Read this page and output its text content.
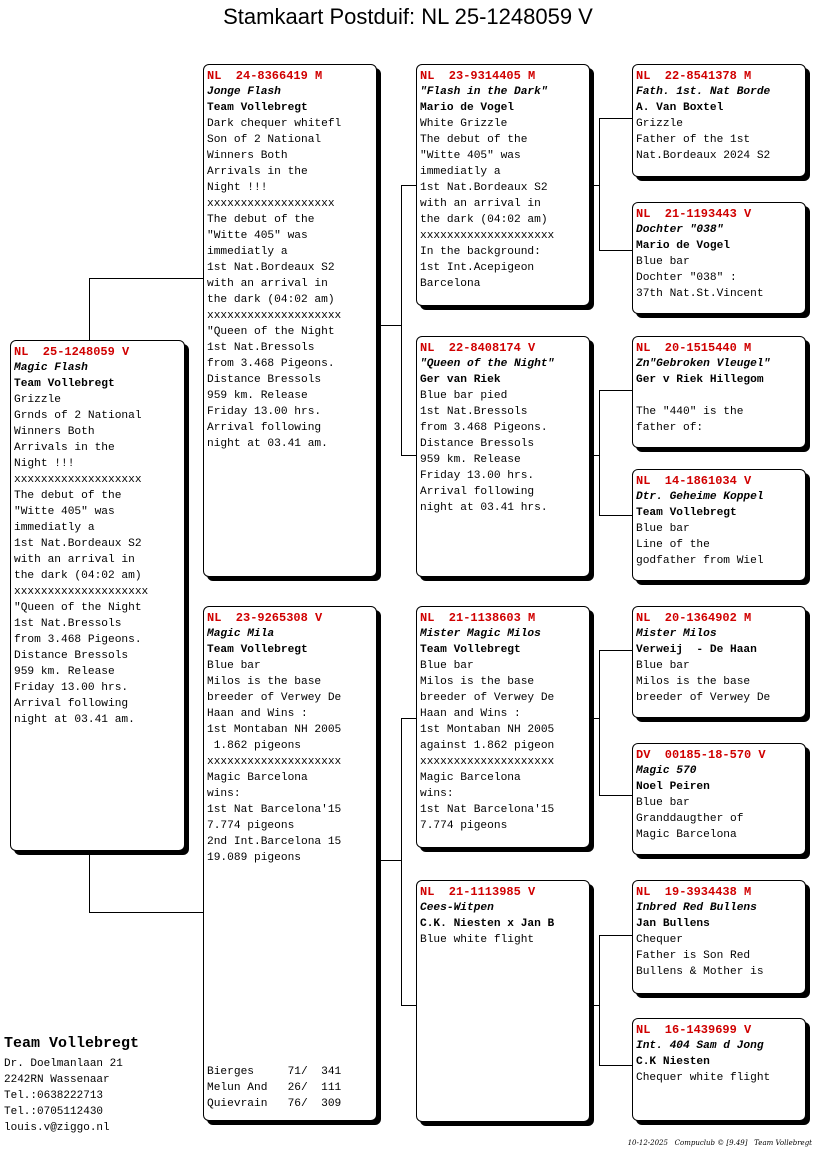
Stamkaart Postduif: NL 25-1248059 V
NL  25-1248059 V
Magic Flash
Team Vollebregt
Grizzle
Grnds of 2 National
Winners Both
Arrivals in the
Night !!!
xxxxxxxxxxxxxxxxxxx
The debut of the
"Witte 405" was
immediatly a
1st Nat.Bordeaux S2
with an arrival in
the dark (04:02 am)
xxxxxxxxxxxxxxxxxxxx
"Queen of the Night
1st Nat.Bressols
from 3.468 Pigeons.
Distance Bressols
959 km. Release
Friday 13.00 hrs.
Arrival following
night at 03.41 am.
NL  24-8366419 M
Jonge Flash
Team Vollebregt
Dark chequer whitefl
Son of 2 National
Winners Both
Arrivals in the
Night !!!
xxxxxxxxxxxxxxxxxxx
The debut of the
"Witte 405" was
immediatly a
1st Nat.Bordeaux S2
with an arrival in
the dark (04:02 am)
xxxxxxxxxxxxxxxxxxxx
"Queen of the Night
1st Nat.Bressols
from 3.468 Pigeons.
Distance Bressols
959 km. Release
Friday 13.00 hrs.
Arrival following
night at 03.41 am.
NL  23-9265308 V
Magic Mila
Team Vollebregt
Blue bar
Milos is the base
breeder of Verwey De
Haan and Wins :
1st Montaban NH 2005
1.862 pigeons
xxxxxxxxxxxxxxxxxxxx
Magic Barcelona
wins:
1st Nat Barcelona'15
7.774 pigeons
2nd Int.Barcelona 15
19.089 pigeons
Bierges     71/  341
Melun And   26/  111
Quievrain   76/  309
NL  23-9314405 M
"Flash in the Dark"
Mario de Vogel
White Grizzle
The debut of the
"Witte 405" was
immediatly a
1st Nat.Bordeaux S2
with an arrival in
the dark (04:02 am)
xxxxxxxxxxxxxxxxxxxx
In the background:
1st Int.Acepigeon
Barcelona
NL  22-8408174 V
"Queen of the Night"
Ger van Riek
Blue bar pied
1st Nat.Bressols
from 3.468 Pigeons.
Distance Bressols
959 km. Release
Friday 13.00 hrs.
Arrival following
night at 03.41 hrs.
NL  21-1138603 M
Mister Magic Milos
Team Vollebregt
Blue bar
Milos is the base
breeder of Verwey De
Haan and Wins :
1st Montaban NH 2005
against 1.862 pigeon
xxxxxxxxxxxxxxxxxxxx
Magic Barcelona
wins:
1st Nat Barcelona'15
7.774 pigeons
NL  21-1113985 V
Cees-Witpen
C.K. Niesten x Jan B
Blue white flight
NL  22-8541378 M
Fath. 1st. Nat Borde
A. Van Boxtel
Grizzle
Father of the 1st
Nat.Bordeaux 2024 S2
NL  21-1193443 V
Dochter "038"
Mario de Vogel
Blue bar
Dochter "038" :
37th Nat.St.Vincent
NL  20-1515440 M
Zn"Gebroken Vleugel"
Ger v Riek Hillegom
The "440" is the
father of:
NL  14-1861034 V
Dtr. Geheime Koppel
Team Vollebregt
Blue bar
Line of the
godfather from Wiel
NL  20-1364902 M
Mister Milos
Verweij  - De Haan
Blue bar
Milos is the base
breeder of Verwey De
DV  00185-18-570 V
Magic 570
Noel Peiren
Blue bar
Granddaugther of
Magic Barcelona
NL  19-3934438 M
Inbred Red Bullens
Jan Bullens
Chequer
Father is Son Red
Bullens & Mother is
NL  16-1439699 V
Int. 404 Sam d Jong
C.K Niesten
Chequer white flight
Team Vollebregt
Dr. Doelmanlaan 21
2242RN Wassenaar
Tel.:0638222713
Tel.:0705112430
louis.v@ziggo.nl
10-12-2025 Compuclub © [9.49] Team Vollebregt
